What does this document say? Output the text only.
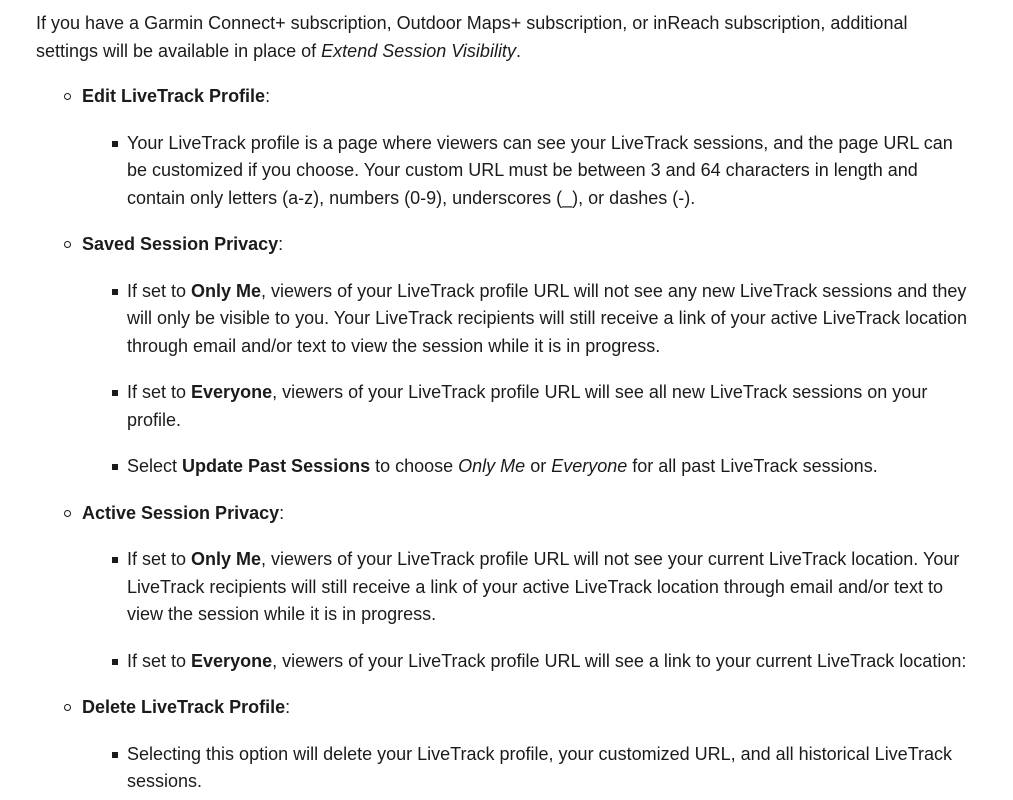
If you have a Garmin Connect+ subscription, Outdoor Maps+ subscription, or inReach subscription, additional settings will be available in place of Extend Session Visibility.

Edit LiveTrack Profile:
Your LiveTrack profile is a page where viewers can see your LiveTrack sessions, and the page URL can be customized if you choose. Your custom URL must be between 3 and 64 characters in length and contain only letters (a-z), numbers (0-9), underscores (_), or dashes (-).
Saved Session Privacy:
If set to Only Me, viewers of your LiveTrack profile URL will not see any new LiveTrack sessions and they will only be visible to you. Your LiveTrack recipients will still receive a link of your active LiveTrack location through email and/or text to view the session while it is in progress.
If set to Everyone, viewers of your LiveTrack profile URL will see all new LiveTrack sessions on your profile.
Select Update Past Sessions to choose Only Me or Everyone for all past LiveTrack sessions.
Active Session Privacy:
If set to Only Me, viewers of your LiveTrack profile URL will not see your current LiveTrack location. Your LiveTrack recipients will still receive a link of your active LiveTrack location through email and/or text to view the session while it is in progress.
If set to Everyone, viewers of your LiveTrack profile URL will see a link to your current LiveTrack location:
Delete LiveTrack Profile:
Selecting this option will delete your LiveTrack profile, your customized URL, and all historical LiveTrack sessions.
